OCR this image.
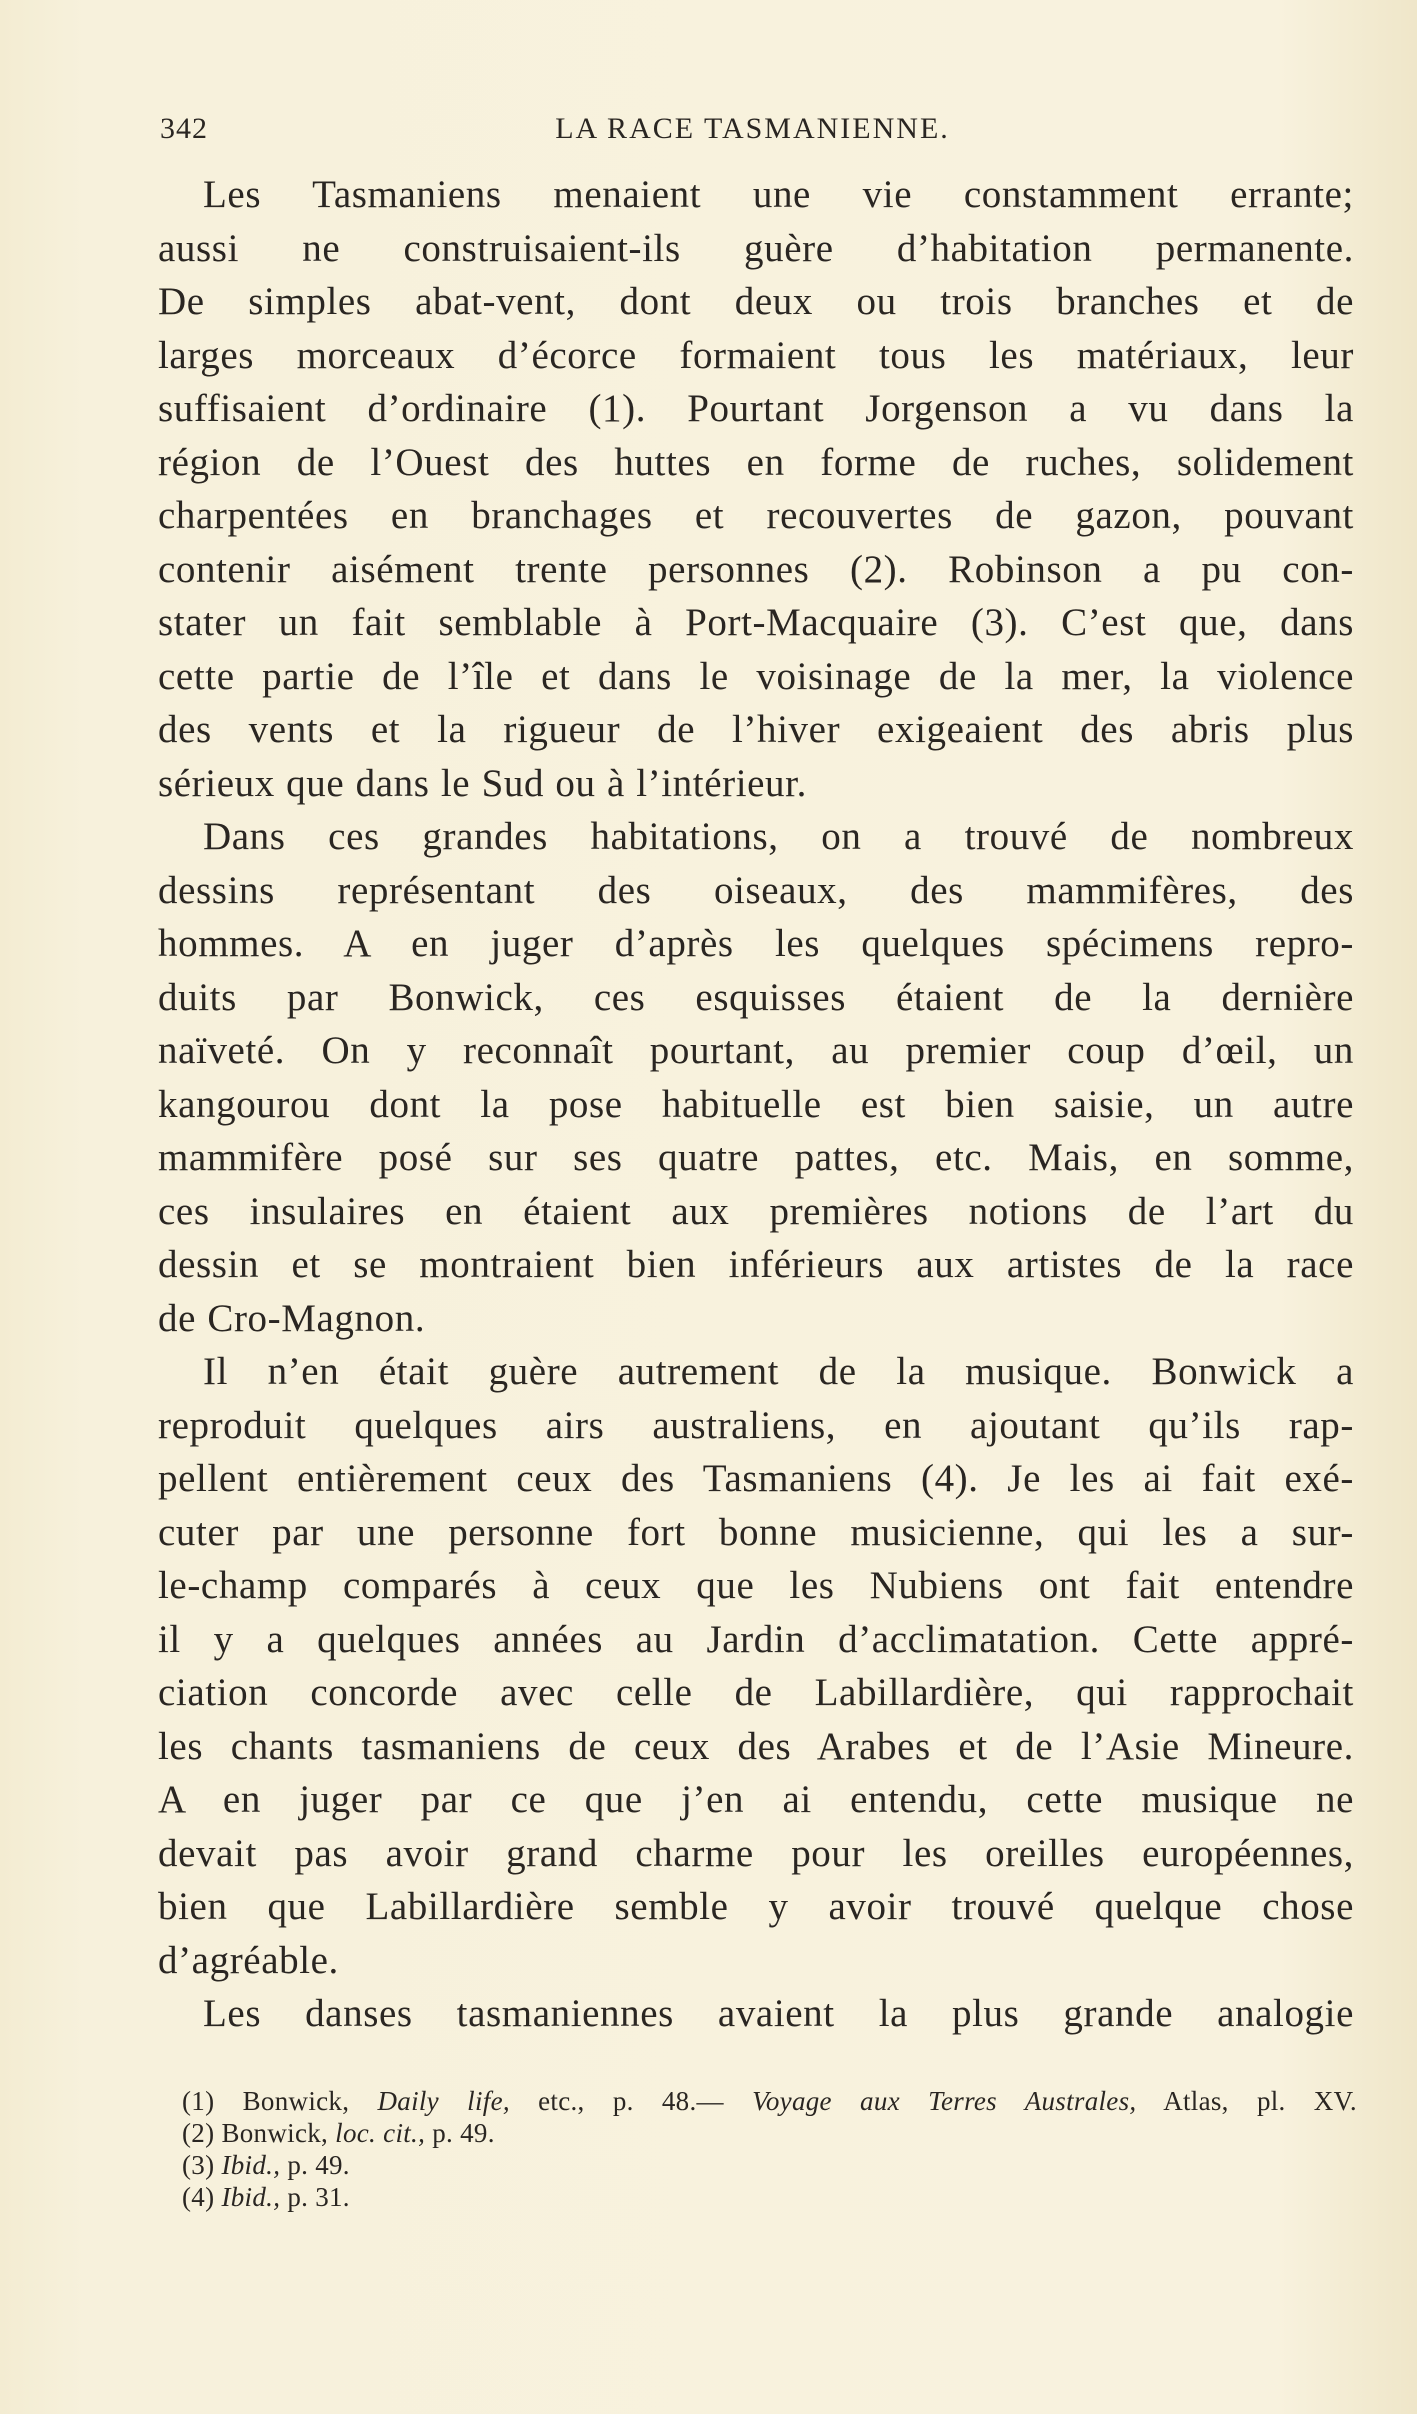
342	LA RACE TASMANIENNE.
Les Tasmaniens menaient une vie constamment errante;
aussi ne construisaient-ils guère d’habitation permanente.
De simples abat-vent, dont deux ou trois branches et de
larges morceaux d’écorce formaient tous les matériaux, leur
suffisaient d’ordinaire (1). Pourtant Jorgenson a vu dans la
région de l’Ouest des huttes en forme de ruches, solidement
charpentées en branchages et recouvertes de gazon, pouvant
contenir aisément trente personnes (2). Robinson a pu con-
stater un fait semblable à Port-Macquaire (3). C’est que, dans
cette partie de l’île et dans le voisinage de la mer, la violence
des vents et la rigueur de l’hiver exigeaient des abris plus
sérieux que dans le Sud ou à l’intérieur.
Dans ces grandes habitations, on a trouvé de nombreux
dessins représentant des oiseaux, des mammifères, des
hommes. A en juger d’après les quelques spécimens repro-
duits par Bonwick, ces esquisses étaient de la dernière
naïveté. On y reconnaît pourtant, au premier coup d’œil, un
kangourou dont la pose habituelle est bien saisie, un autre
mammifère posé sur ses quatre pattes, etc. Mais, en somme,
ces insulaires en étaient aux premières notions de l’art du
dessin et se montraient bien inférieurs aux artistes de la race
de Cro-Magnon.
Il n’en était guère autrement de la musique. Bonwick a
reproduit quelques airs australiens, en ajoutant qu’ils rap-
pellent entièrement ceux des Tasmaniens (4). Je les ai fait exé-
cuter par une personne fort bonne musicienne, qui les a sur-
le-champ comparés à ceux que les Nubiens ont fait entendre
il y a quelques années au Jardin d’acclimatation. Cette appré-
ciation concorde avec celle de Labillardière, qui rapprochait
les chants tasmaniens de ceux des Arabes et de l’Asie Mineure.
A en juger par ce que j’en ai entendu, cette musique ne
devait pas avoir grand charme pour les oreilles européennes,
bien que Labillardière semble y avoir trouvé quelque chose
d’agréable.
Les danses tasmaniennes avaient la plus grande analogie
(1) Bonwick, Daily life, etc., p. 48.— Voyage aux Terres Australes, Atlas, pl. XV.
(2) Bonwick, loc. cit., p. 49.
(3) Ibid., p. 49.
(4) Ibid., p. 31.
